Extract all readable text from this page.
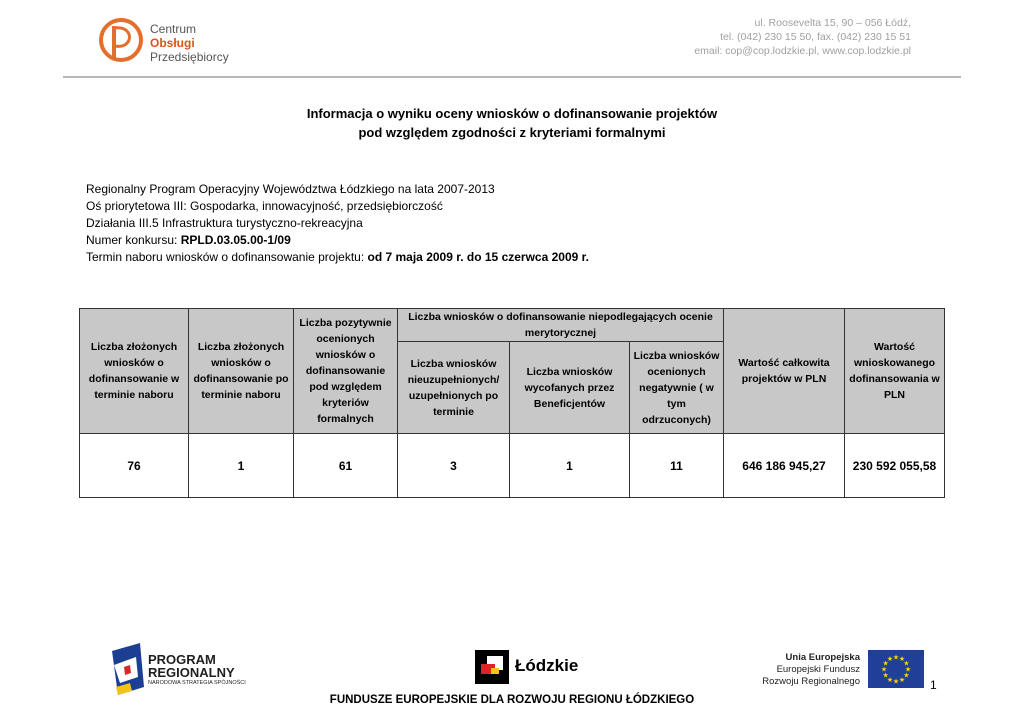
Centrum
Obsługi
Przedsiębiorcy
ul. Roosevelta 15, 90 – 056 Łódź,
tel. (042) 230 15 50, fax. (042) 230 15 51
email: cop@cop.lodzkie.pl, www.cop.lodzkie.pl
Informacja o wyniku oceny wniosków o dofinansowanie projektów
pod względem zgodności z kryteriami formalnymi
Regionalny Program Operacyjny Województwa Łódzkiego na lata 2007-2013
Oś priorytetowa III: Gospodarka, innowacyjność, przedsiębiorczość
Działania III.5 Infrastruktura turystyczno-rekreacyjna
Numer konkursu: RPLD.03.05.00-1/09
Termin naboru wniosków o dofinansowanie projektu: od 7 maja 2009 r. do 15 czerwca 2009 r.
Liczba złożonych wniosków o dofinansowanie w terminie naboru	Liczba złożonych wniosków o dofinansowanie po terminie naboru	Liczba pozytywnie ocenionych wniosków o dofinansowanie pod względem kryteriów formalnych	Liczba wniosków o dofinansowanie niepodlegających ocenie merytorycznej			Wartość całkowita projektów w PLN	Wartość wnioskowanego dofinansowania w PLN
			Liczba wniosków nieuzupełnionych/ uzupełnionych po terminie	Liczba wniosków wycofanych przez Beneficjentów	Liczba wniosków ocenionych negatywnie ( w tym odrzuconych)		
76	1	61	3	1	11	646 186 945,27	230 592 055,58
PROGRAM
REGIONALNY
NARODOWA STRATEGIA SPÓJNOŚCI
Łódzkie	Unia Europejska
Europejski Fundusz
Rozwoju Regionalnego
★
★
★
★
★
★
★
★
★ ★ ★
★
1
FUNDUSZE EUROPEJSKIE DLA ROZWOJU REGIONU ŁÓDZKIEGO
